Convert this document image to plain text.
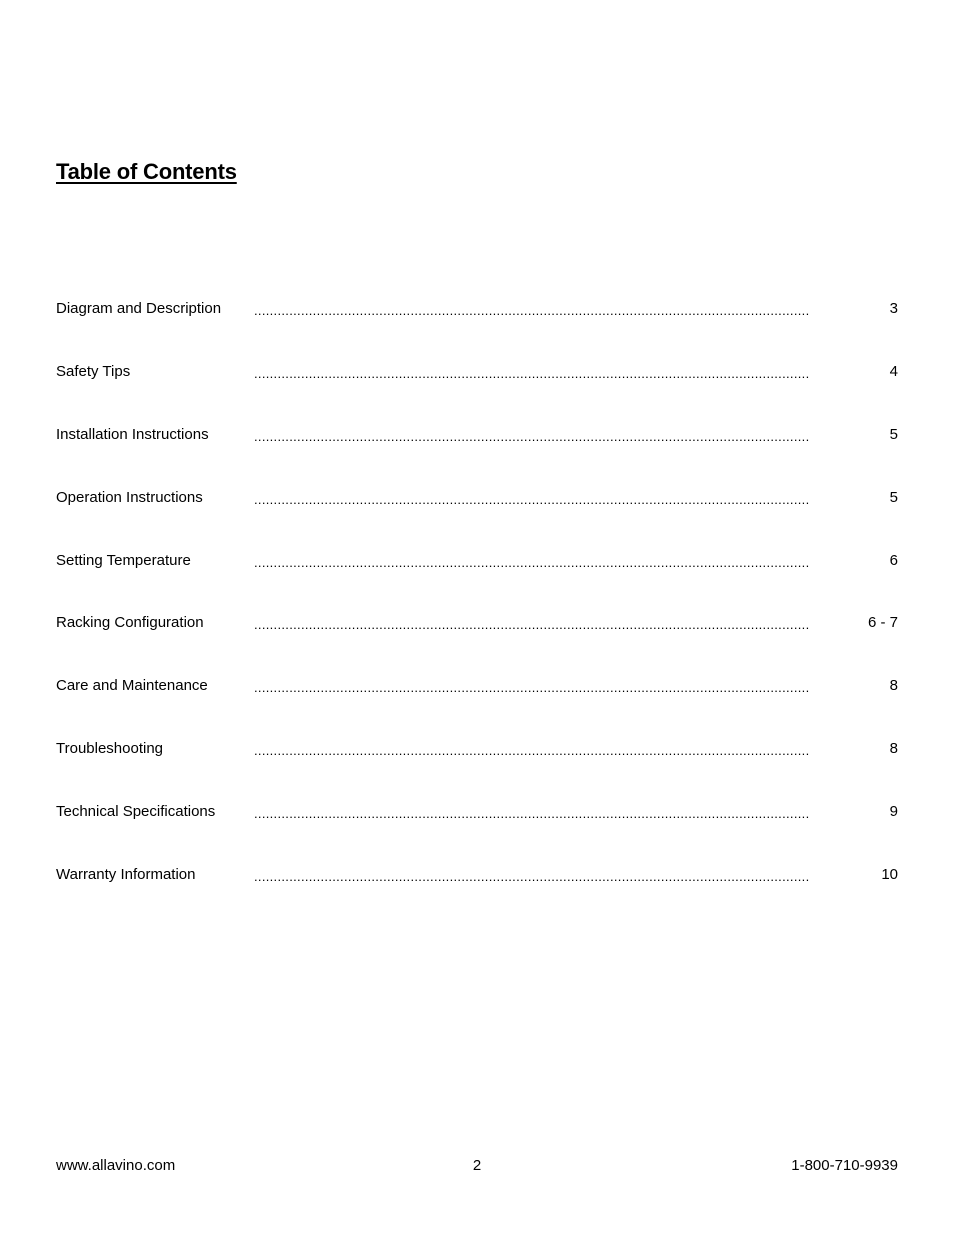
Table of Contents
Diagram and Description	..............................................................................................................................................	3
Safety Tips	..............................................................................................................................................	4
Installation Instructions	..............................................................................................................................................	5
Operation Instructions	..............................................................................................................................................	5
Setting Temperature	..............................................................................................................................................	6
Racking Configuration	..............................................................................................................................................	6 - 7
Care and Maintenance	..............................................................................................................................................	8
Troubleshooting	..............................................................................................................................................	8
Technical Specifications	..............................................................................................................................................	9
Warranty Information	..............................................................................................................................................	10
www.allavino.com	2	1-800-710-9939
